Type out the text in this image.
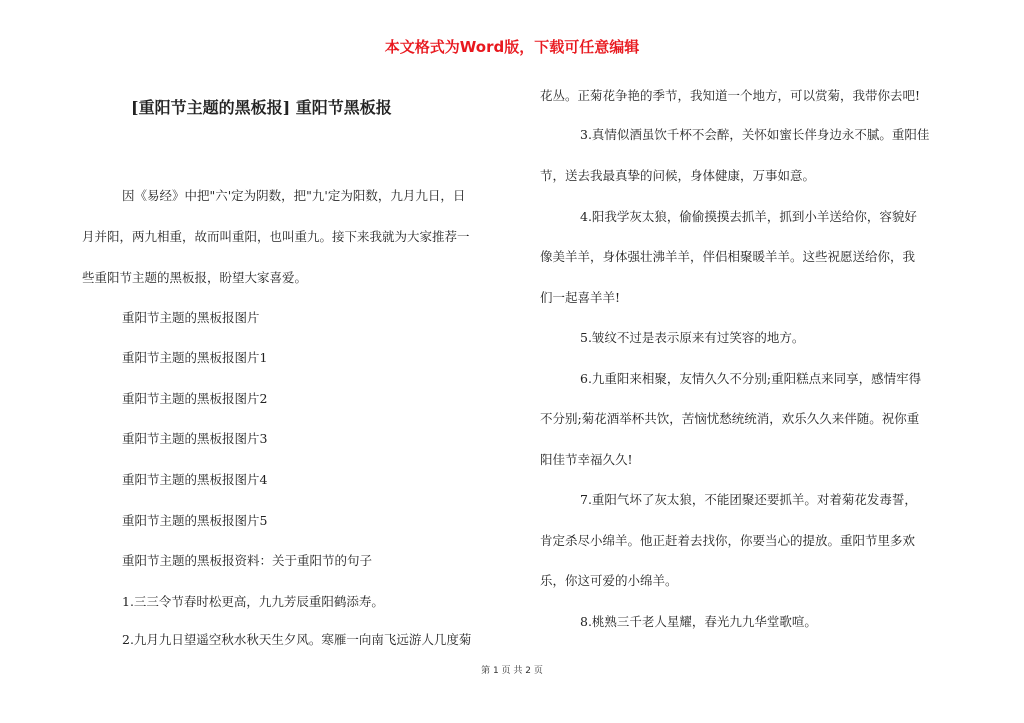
本文格式为Word版，下载可任意编辑
[重阳节主题的黑板报] 重阳节黑板报
因《易经》中把"六'定为阴数，把"九'定为阳数，九月九日，日
月并阳，两九相重，故而叫重阳，也叫重九。接下来我就为大家推荐一
些重阳节主题的黑板报，盼望大家喜爱。
重阳节主题的黑板报图片
重阳节主题的黑板报图片1
重阳节主题的黑板报图片2
重阳节主题的黑板报图片3
重阳节主题的黑板报图片4
重阳节主题的黑板报图片5
重阳节主题的黑板报资料：关于重阳节的句子
1.三三令节春时松更高，九九芳辰重阳鹤添寿。
2.九月九日望遥空秋水秋天生夕风。寒雁一向南飞远游人几度菊
花丛。正菊花争艳的季节，我知道一个地方，可以赏菊，我带你去吧!
3.真情似酒虽饮千杯不会醉，关怀如蜜长伴身边永不腻。重阳佳
节，送去我最真挚的问候，身体健康，万事如意。
4.阳我学灰太狼，偷偷摸摸去抓羊，抓到小羊送给你，容貌好
像美羊羊，身体强壮沸羊羊，伴侣相聚暖羊羊。这些祝愿送给你，我
们一起喜羊羊!
5.皱纹不过是表示原来有过笑容的地方。
6.九重阳来相聚，友情久久不分别;重阳糕点来同享，感情牢得
不分别;菊花酒举杯共饮，苦恼忧愁统统消，欢乐久久来伴随。祝你重
阳佳节幸福久久!
7.重阳气坏了灰太狼，不能团聚还要抓羊。对着菊花发毒誓，
肯定杀尽小绵羊。他正赶着去找你，你要当心的提放。重阳节里多欢
乐，你这可爱的小绵羊。
8.桃熟三千老人星耀，春光九九华堂歌喧。
第 1 页 共 2 页
